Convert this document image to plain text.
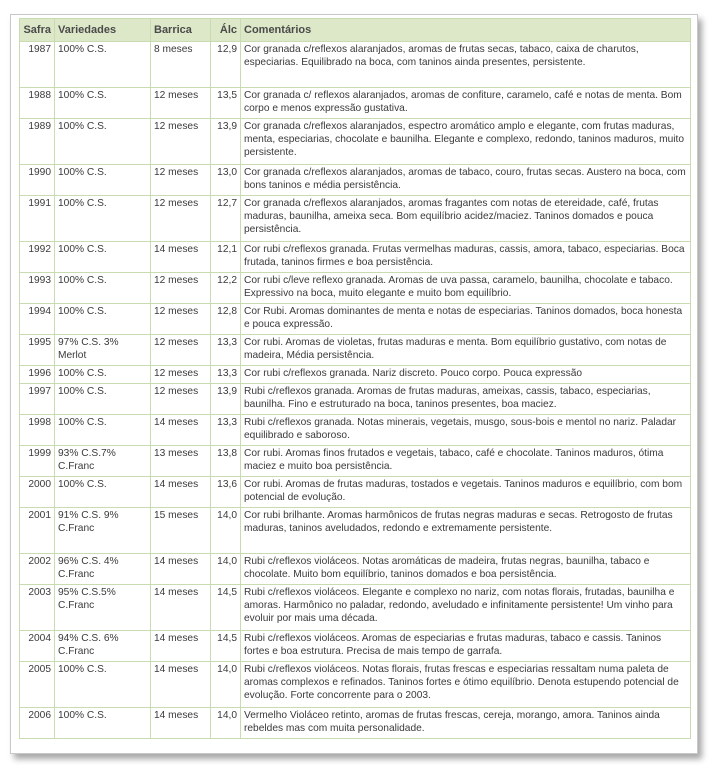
Safra	Variedades	Barrica	Álc	Comentários
1987	100% C.S.	8 meses	12,9	Cor granada c/reflexos alaranjados, aromas de frutas secas, tabaco, caixa de charutos, especiarias. Equilibrado na boca, com taninos ainda presentes, persistente.
1988	100% C.S.	12 meses	13,5	Cor granada c/ reflexos alaranjados, aromas de confiture, caramelo, café e notas de menta. Bom corpo e menos expressão gustativa.
1989	100% C.S.	12 meses	13,9	Cor granada c/reflexos alaranjados, espectro aromático amplo e elegante, com frutas maduras, menta, especiarias, chocolate e baunilha. Elegante e complexo, redondo, taninos maduros, muito persistente.
1990	100% C.S.	12 meses	13,0	Cor granada c/reflexos alaranjados, aromas de tabaco, couro, frutas secas. Austero na boca, com bons taninos e média persistência.
1991	100% C.S.	12 meses	12,7	Cor granada c/reflexos alaranjados, aromas fragantes com notas de etereidade, café, frutas maduras, baunilha, ameixa seca. Bom equilíbrio acidez/maciez. Taninos domados e pouca persistência.
1992	100% C.S.	14 meses	12,1	Cor rubi c/reflexos granada. Frutas vermelhas maduras, cassis, amora, tabaco, especiarias. Boca frutada, taninos firmes e boa persistência.
1993	100% C.S.	12 meses	12,2	Cor rubi c/leve reflexo granada. Aromas de uva passa, caramelo, baunilha, chocolate e tabaco. Expressivo na boca, muito elegante e muito bom equilíbrio.
1994	100% C.S.	12 meses	12,8	Cor Rubi. Aromas dominantes de menta e notas de especiarias. Taninos domados, boca honesta e pouca expressão.
1995	97% C.S. 3% Merlot	12 meses	13,3	Cor rubi. Aromas de violetas, frutas maduras e menta. Bom equilíbrio gustativo, com notas de madeira, Média persistência.
1996	100% C.S.	12 meses	13,3	Cor rubi c/reflexos granada. Nariz discreto. Pouco corpo. Pouca expressão
1997	100% C.S.	12 meses	13,9	Rubi c/reflexos granada. Aromas de frutas maduras, ameixas, cassis, tabaco, especiarias, baunilha. Fino e estruturado na boca, taninos presentes, boa maciez.
1998	100% C.S.	14 meses	13,3	Rubi c/reflexos granada. Notas minerais, vegetais, musgo, sous-bois e mentol no nariz. Paladar equilibrado e saboroso.
1999	93% C.S.7% C.Franc	13 meses	13,8	Cor rubi. Aromas finos frutados e vegetais, tabaco, café e chocolate. Taninos maduros, ótima maciez e muito boa persistência.
2000	100% C.S.	14 meses	13,6	Cor rubi. Aromas de frutas maduras, tostados e vegetais. Taninos maduros e equilíbrio, com bom potencial de evolução.
2001	91% C.S. 9% C.Franc	15 meses	14,0	Cor rubi brilhante. Aromas harmônicos de frutas negras maduras e secas. Retrogosto de frutas maduras, taninos aveludados, redondo e extremamente persistente.
2002	96% C.S. 4% C.Franc	14 meses	14,0	Rubi c/reflexos violáceos. Notas aromáticas de madeira, frutas negras, baunilha, tabaco e chocolate. Muito bom equilíbrio, taninos domados e boa persistência.
2003	95% C.S.5% C.Franc	14 meses	14,5	Rubi c/reflexos violáceos. Elegante e complexo no nariz, com notas florais, frutadas, baunilha e amoras. Harmônico no paladar, redondo, aveludado e infinitamente persistente! Um vinho para evoluir por mais uma década.
2004	94% C.S. 6% C.Franc	14 meses	14,5	Rubi c/reflexos violáceos. Aromas de especiarias e frutas maduras, tabaco e cassis. Taninos fortes e boa estrutura. Precisa de mais tempo de garrafa.
2005	100% C.S.	14 meses	14,0	Rubi c/reflexos violáceos. Notas florais, frutas frescas e especiarias ressaltam numa paleta de aromas complexos e refinados. Taninos fortes e ótimo equilíbrio. Denota estupendo potencial de evolução. Forte concorrente para o 2003.
2006	100% C.S.	14 meses	14,0	Vermelho Violáceo retinto, aromas de frutas frescas, cereja, morango, amora. Taninos ainda rebeldes mas com muita personalidade.
